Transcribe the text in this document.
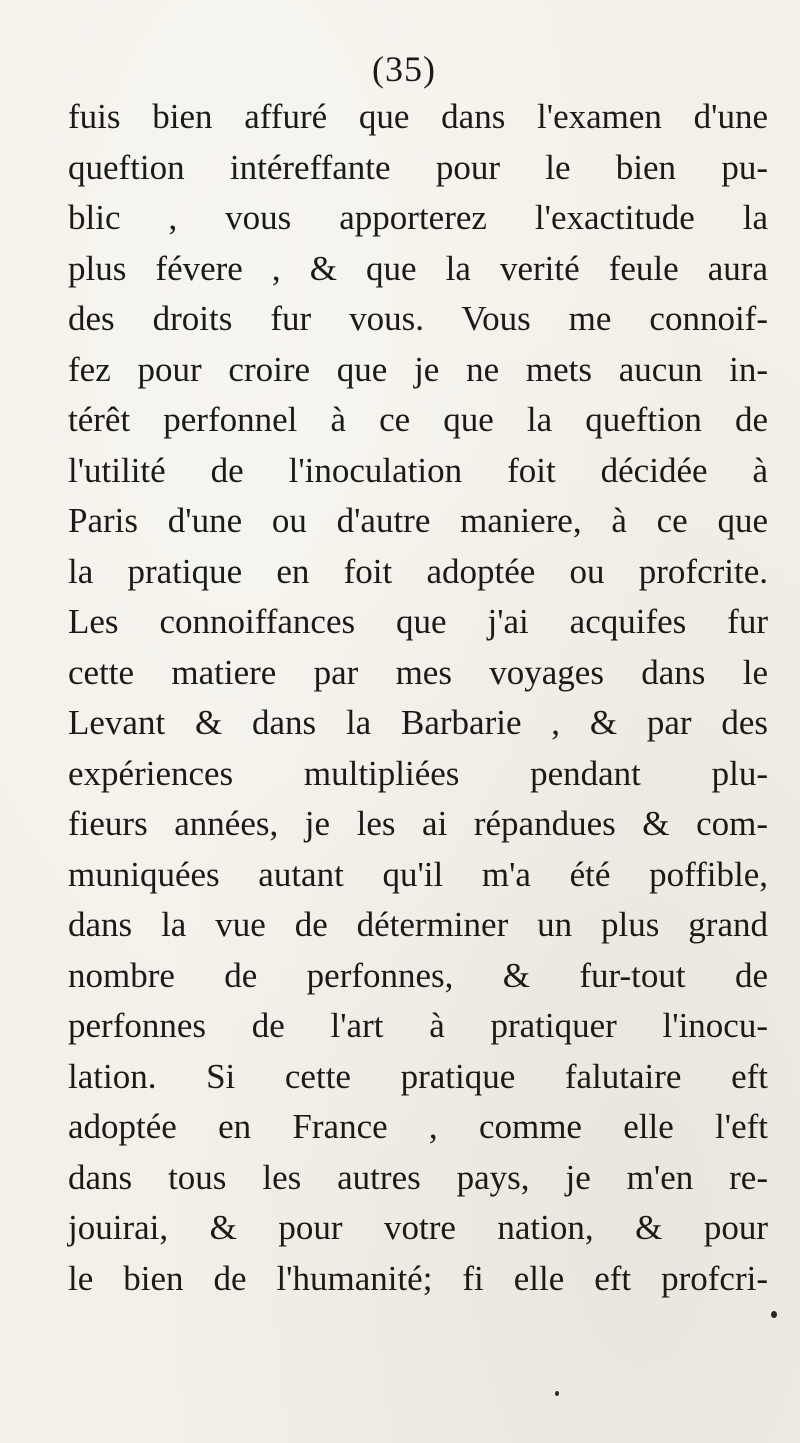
(35)
fuis bien affuré que dans l'examen d'une
queftion intéreffante pour le bien pu-
blic , vous apporterez l'exactitude la
plus févere , & que la verité feule aura
des droits fur vous. Vous me connoif-
fez pour croire que je ne mets aucun in-
térêt perfonnel à ce que la queftion de
l'utilité de l'inoculation foit décidée à
Paris d'une ou d'autre maniere, à ce que
la pratique en foit adoptée ou profcrite.
Les connoiffances que j'ai acquifes fur
cette matiere par mes voyages dans le
Levant & dans la Barbarie , & par des
expériences multipliées pendant plu-
fieurs années, je les ai répandues & com-
muniquées autant qu'il m'a été poffible,
dans la vue de déterminer un plus grand
nombre de perfonnes, & fur-tout de
perfonnes de l'art à pratiquer l'inocu-
lation. Si cette pratique falutaire eft
adoptée en France , comme elle l'eft
dans tous les autres pays, je m'en re-
jouirai, & pour votre nation, & pour
le bien de l'humanité; fi elle eft profcri-
